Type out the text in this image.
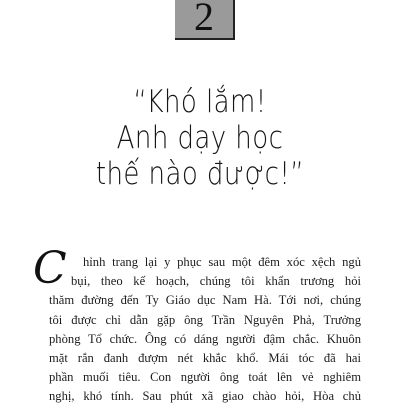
2
“Khó lắm!
Anh dạy học
thế nào được!”
C	hỉnh trang lại y phục sau một đêm xóc xệch ngủ
bụi, theo kế hoạch, chúng tôi khẩn trương hỏi
thăm đường đến Ty Giáo dục Nam Hà. Tới nơi, chúng
tôi được chỉ dẫn gặp ông Trần Nguyên Phả, Trưởng
phòng Tổ chức. Ông có dáng người đậm chắc. Khuôn
mặt rắn đanh đượm nét khắc khổ. Mái tóc đã hai
phần muối tiêu. Con người ông toát lên vẻ nghiêm
nghị, khó tính. Sau phút xã giao chào hỏi, Hòa chủ
